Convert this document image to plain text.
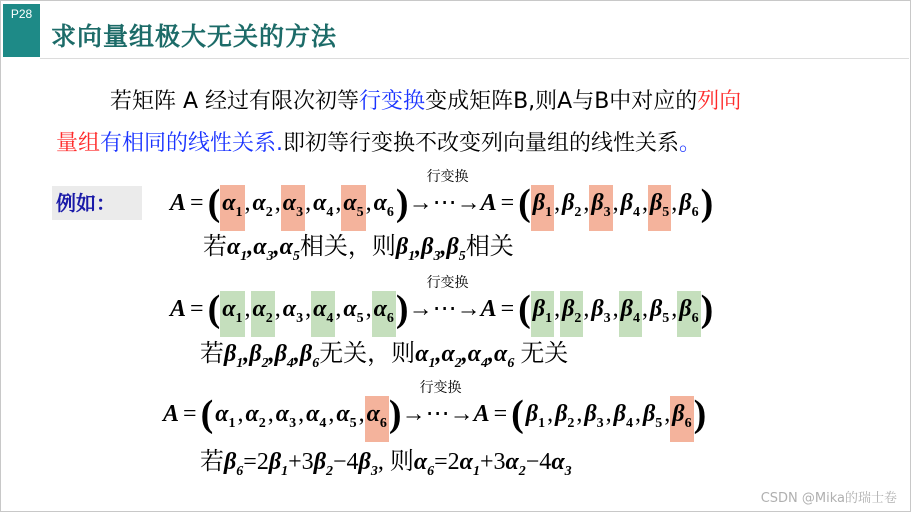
P28
求向量组极大无关的方法
若矩阵 A 经过有限次初等行变换变成矩阵B,则A与B中对应的列向
量组有相同的线性关系.即初等行变换不改变列向量组的线性关系。
例如：	$A = (\alpha_1,\alpha_2,\alpha_3,\alpha_4,\alpha_5,\alpha_6)$
行变换
→⋯→A = $(\beta_1,\beta_2,\beta_3,\beta_4,\beta_5,\beta_6)$
若$\alpha_1,\alpha_3,\alpha_5$相关，则$\beta_1,\beta_3,\beta_5$相关
$A = (\alpha_1,\alpha_2,\alpha_3,\alpha_4,\alpha_5,\alpha_6)$
行变换
→⋯→A = $(\beta_1,\beta_2,\beta_3,\beta_4,\beta_5,\beta_6)$
若$\beta_1,\beta_2,\beta_4,\beta_6$无关，则$\alpha_1,\alpha_2,\alpha_4,\alpha_6$ 无关
$A = (\alpha_1,\alpha_2,\alpha_3,\alpha_4,\alpha_5,\alpha_6)$
行变换
→⋯→A = $(\beta_1,\beta_2,\beta_3,\beta_4,\beta_5,\beta_6)$
若$\beta_6=2\beta_1+3\beta_2-4\beta_3$, 则$\alpha_6=2\alpha_1+3\alpha_2-4\alpha_3$
CSDN @Mika的瑞士卷
